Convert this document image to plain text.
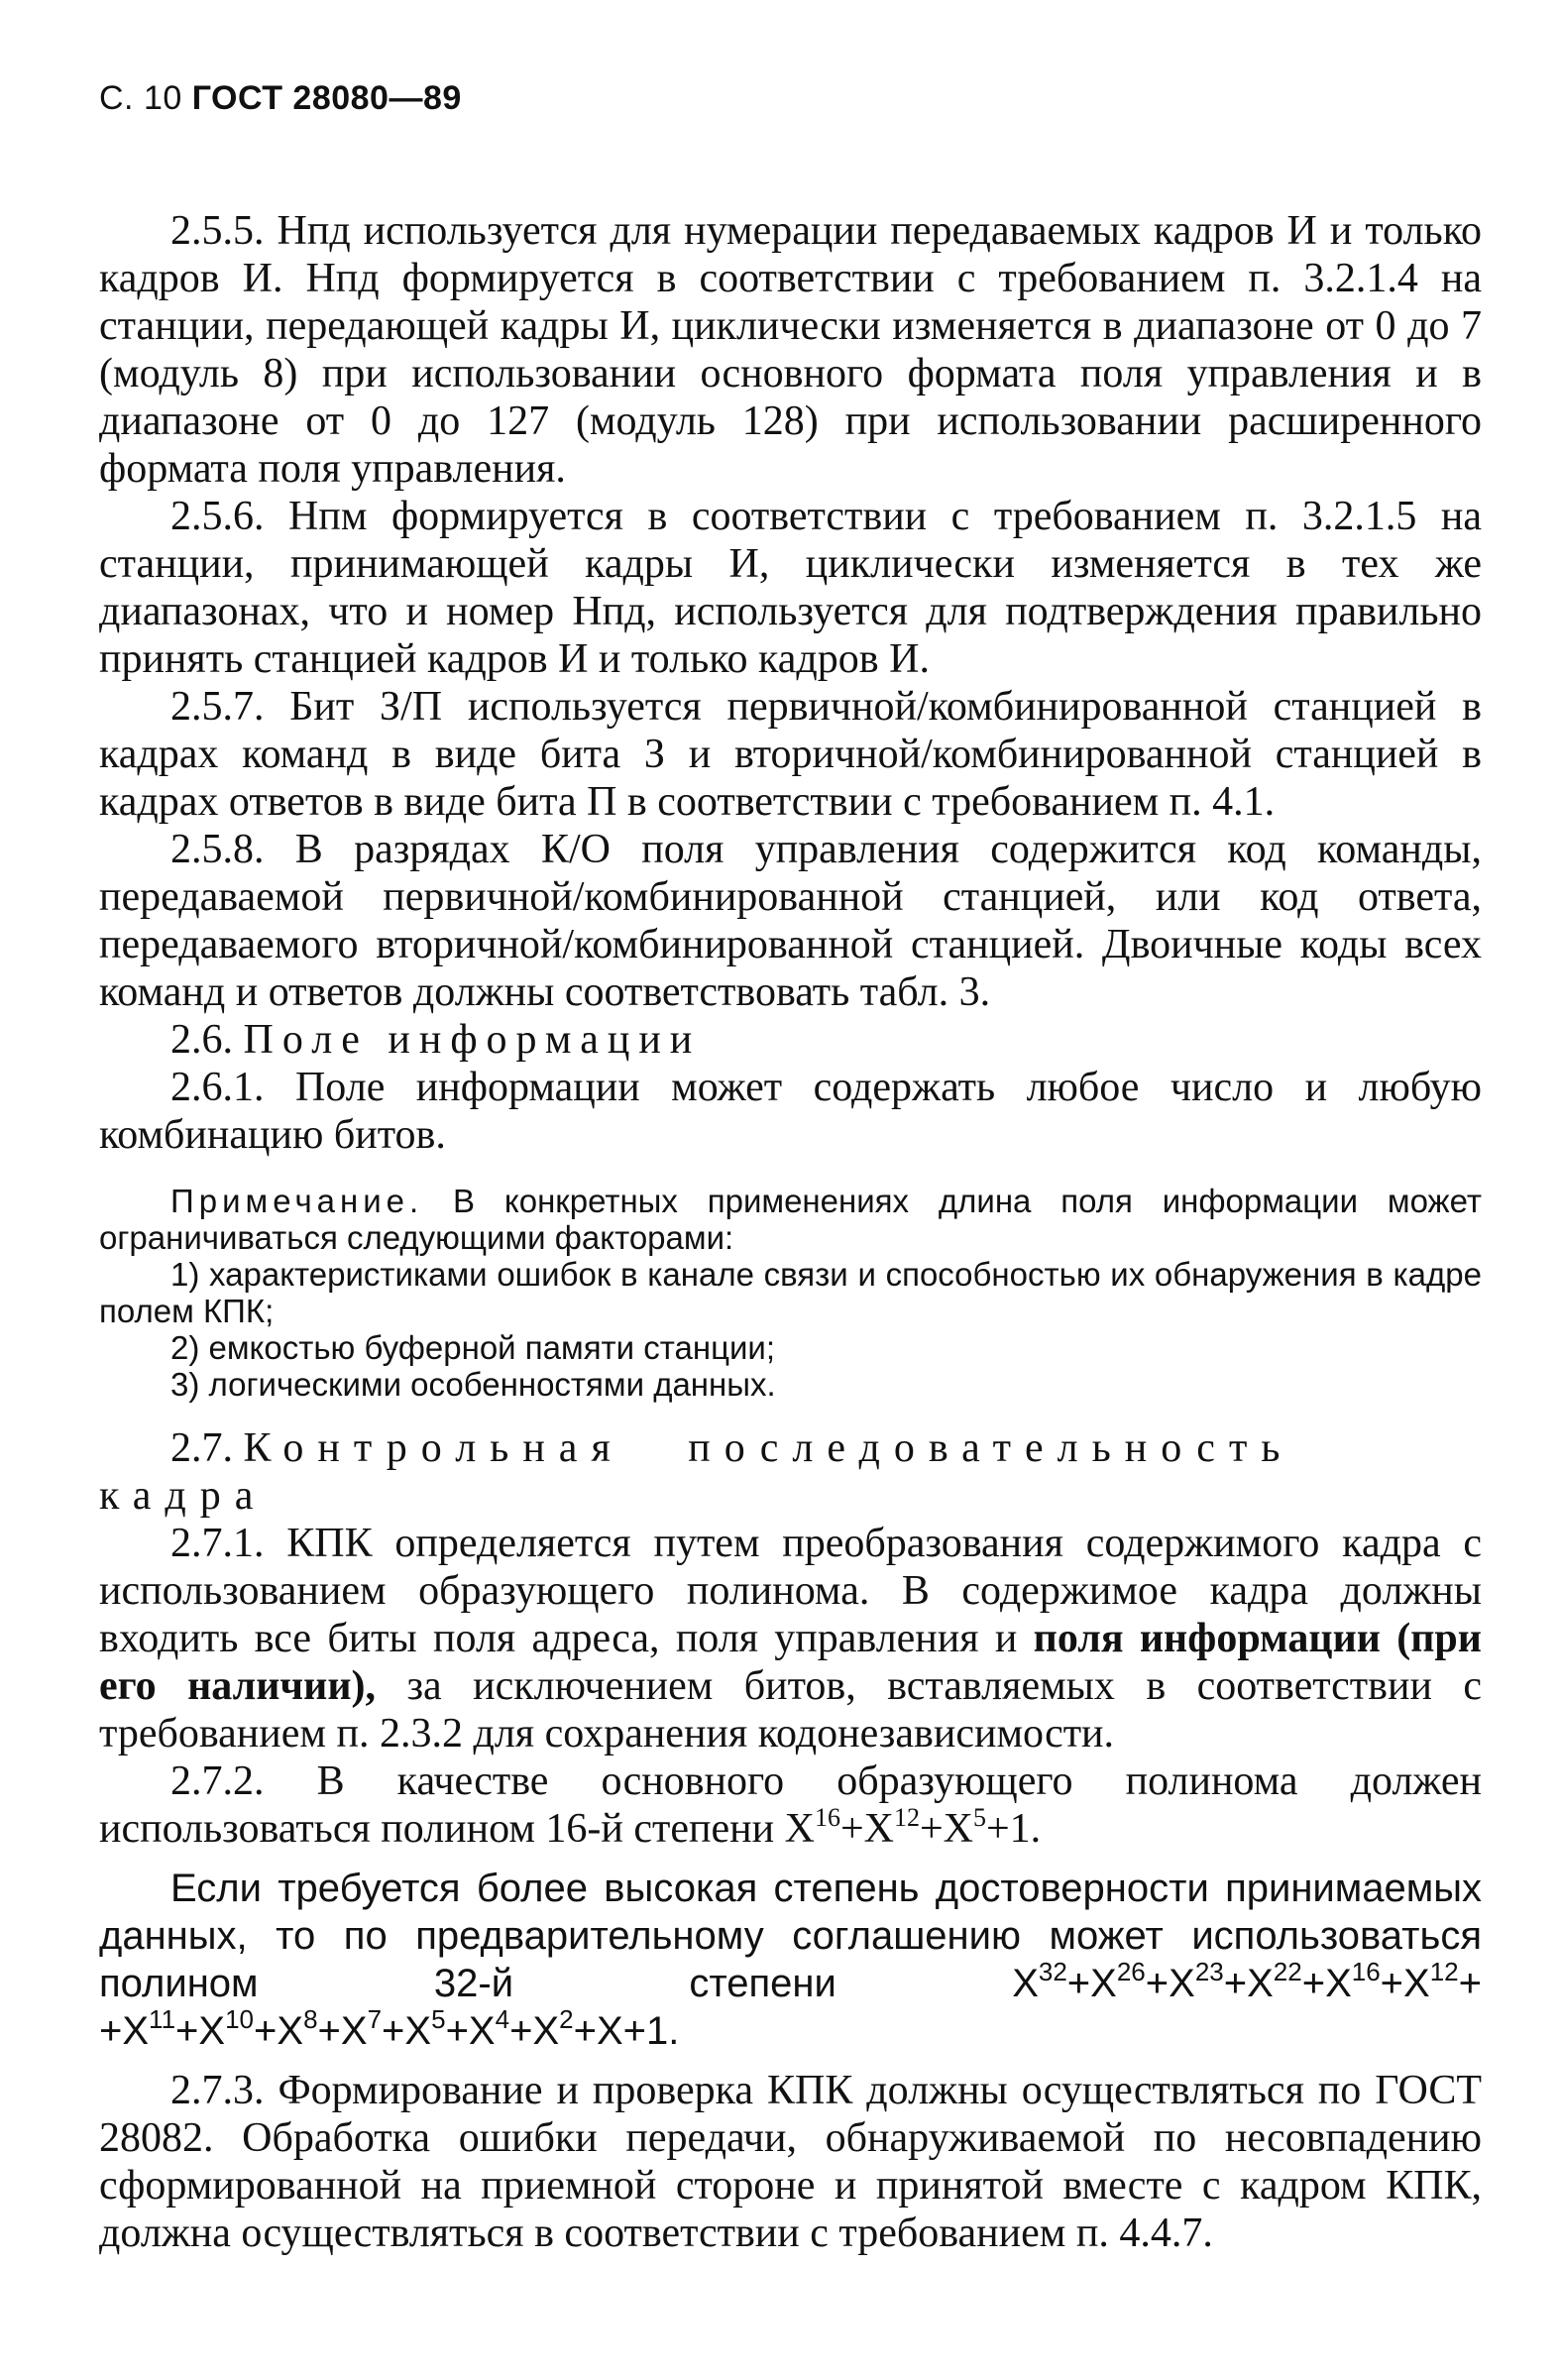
С. 10 ГОСТ 28080—89

2.5.5. Нпд используется для нумерации передаваемых кадров И и только кадров И. Нпд формируется в соответствии с требованием п. 3.2.1.4 на станции, передающей кадры И, циклически изменяется в диапазоне от 0 до 7 (модуль 8) при использовании основного формата поля управления и в диапазоне от 0 до 127 (модуль 128) при использовании расширенного формата поля управления.

2.5.6. Нпм формируется в соответствии с требованием п. 3.2.1.5 на станции, принимающей кадры И, циклически изменяется в тех же диапазонах, что и номер Нпд, используется для подтверждения правильно принять станцией кадров И и только кадров И.

2.5.7. Бит З/П используется первичной/комбинированной станцией в кадрах команд в виде бита З и вторичной/комбинированной станцией в кадрах ответов в виде бита П в соответствии с требованием п. 4.1.

2.5.8. В разрядах К/О поля управления содержится код команды, передаваемой первичной/комбинированной станцией, или код ответа, передаваемого вторичной/комбинированной станцией. Двоичные коды всех команд и ответов должны соответствовать табл. 3.

2.6. Поле информации

2.6.1. Поле информации может содержать любое число и любую комбинацию битов.

Примечание. В конкретных применениях длина поля информации может ограничиваться следующими факторами:

1) характеристиками ошибок в канале связи и способностью их обнаружения в кадре полем КПК;

2) емкостью буферной памяти станции;

3) логическими особенностями данных.

2.7. Контрольная последовательность кадра

2.7.1. КПК определяется путем преобразования содержимого кадра с использованием образующего полинома. В содержимое кадра должны входить все биты поля адреса, поля управления и поля информации (при его наличии), за исключением битов, вставляемых в соответствии с требованием п. 2.3.2 для сохранения кодонезависимости.

2.7.2. В качестве основного образующего полинома должен использоваться полином 16-й степени $X^{16}+X^{12}+X^5+1$.

Если требуется более высокая степень достоверности принимаемых данных, то по предварительному соглашению может использоваться полином 32-й степени	$X^{32}+X^{26}+X^{23}+X^{22}+X^{16}+X^{12}+ +X^{11}+X^{10}+X^8+X^7+X^5+X^4+X^2+X+1$.

2.7.3. Формирование и проверка КПК должны осуществляться по ГОСТ 28082. Обработка ошибки передачи, обнаруживаемой по несовпадению сформированной на приемной стороне и принятой вместе с кадром КПК, должна осуществляться в соответствии с требованием п. 4.4.7.
